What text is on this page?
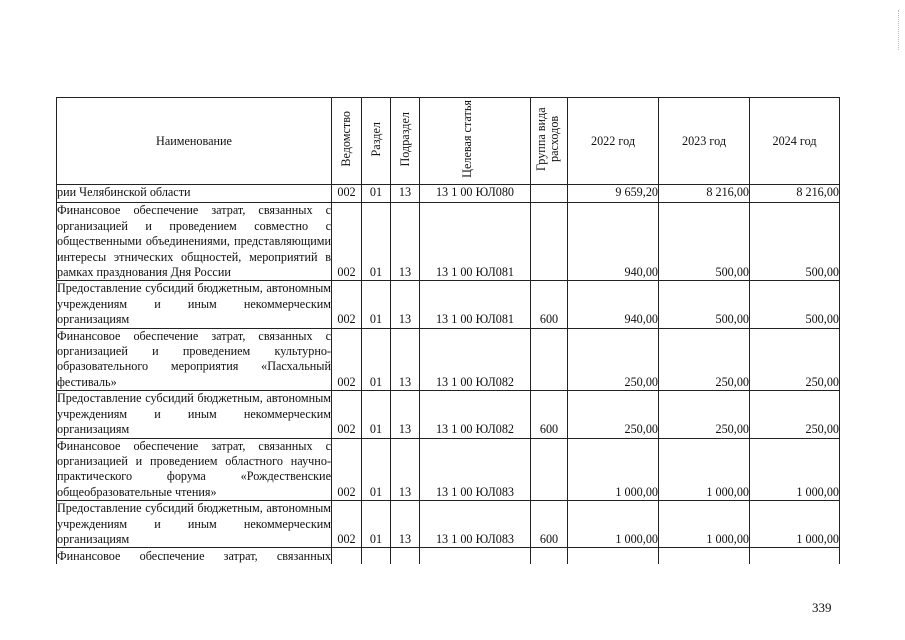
Наименование	Ведомство	Раздел	Подраздел	Целевая статья	Группа вида расходов	2022 год	2023 год	2024 год
рии Челябинской области	002	01	13	13 1 00 ЮЛ080		9 659,20	8 216,00	8 216,00
Финансовое обеспечение затрат, связанных с организацией и проведением совместно с общественными объединениями, представляющими интересы этнических общностей, мероприятий в рамках празднования Дня России	002	01	13	13 1 00 ЮЛ081		940,00	500,00	500,00
Предоставление субсидий бюджетным, автономным учреждениям и иным некоммерческим организациям	002	01	13	13 1 00 ЮЛ081	600	940,00	500,00	500,00
Финансовое обеспечение затрат, связанных с организацией и проведением культурно-образовательного мероприятия «Пасхальный фестиваль»	002	01	13	13 1 00 ЮЛ082		250,00	250,00	250,00
Предоставление субсидий бюджетным, автономным учреждениям и иным некоммерческим организациям	002	01	13	13 1 00 ЮЛ082	600	250,00	250,00	250,00
Финансовое обеспечение затрат, связанных с организацией и проведением областного научно-практического форума «Рождественские общеобразовательные чтения»	002	01	13	13 1 00 ЮЛ083		1 000,00	1 000,00	1 000,00
Предоставление субсидий бюджетным, автономным учреждениям и иным некоммерческим организациям	002	01	13	13 1 00 ЮЛ083	600	1 000,00	1 000,00	1 000,00
Финансовое обеспечение затрат, связанных								
339
